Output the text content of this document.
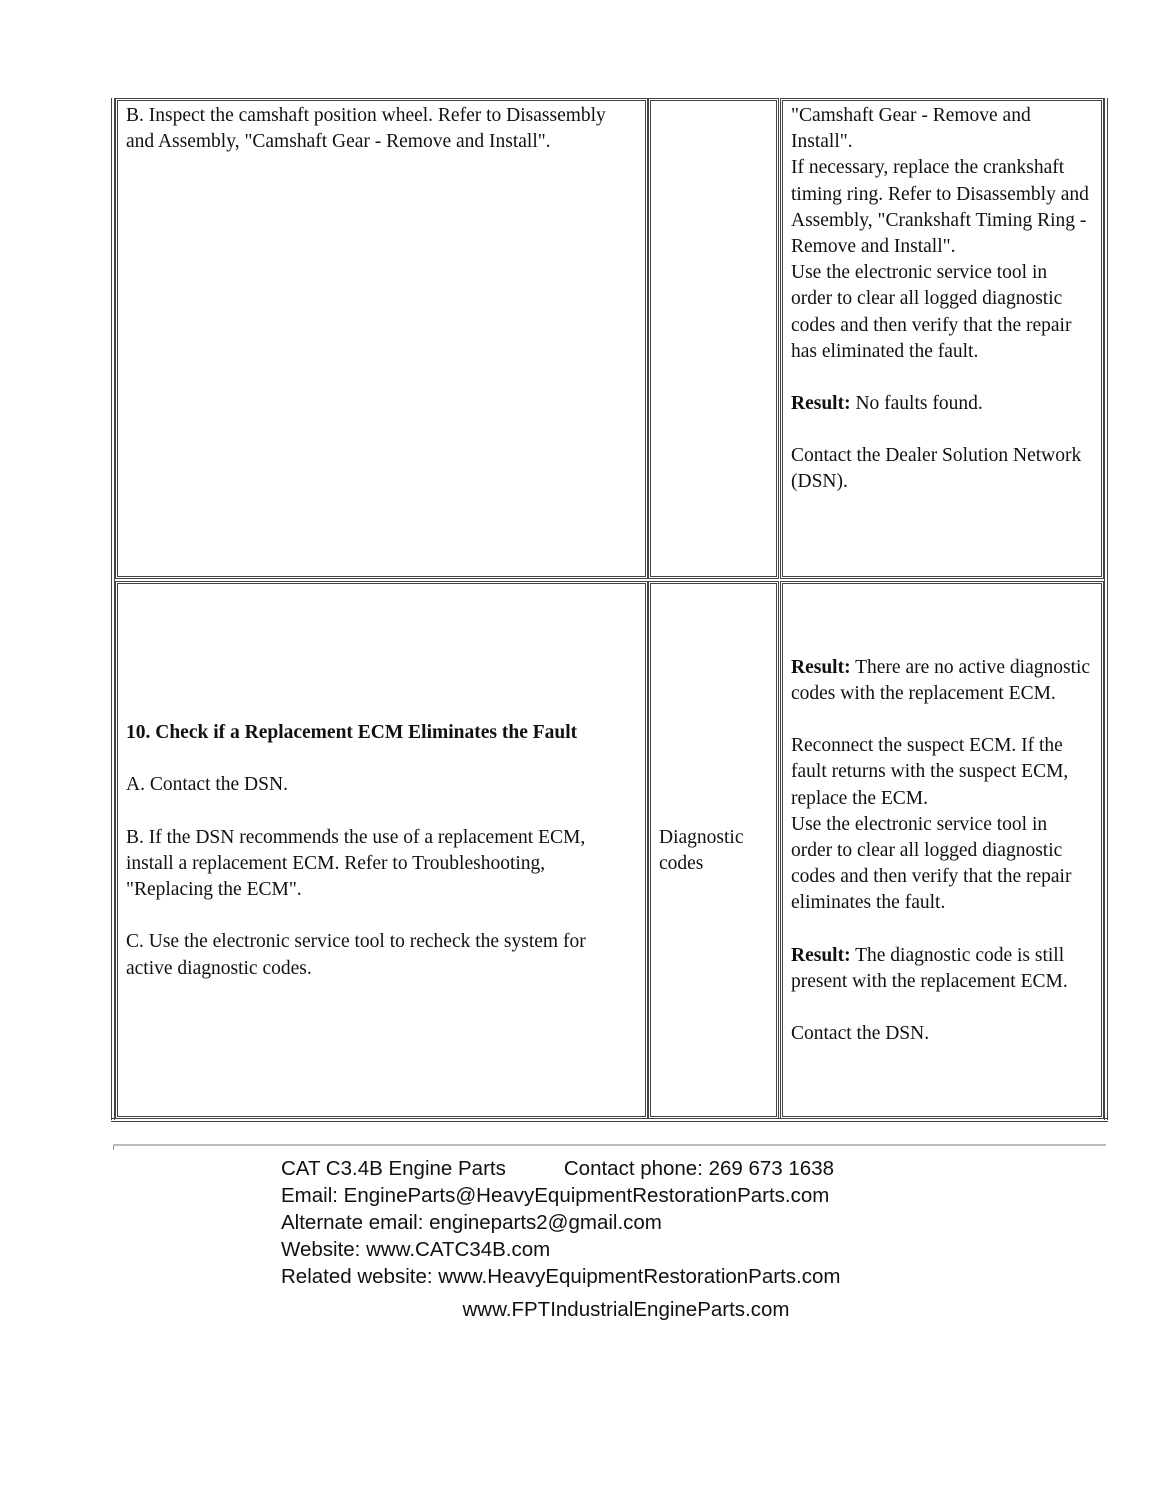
B. Inspect the camshaft position wheel. Refer to Disassembly and Assembly, "Camshaft Gear - Remove and Install".

"Camshaft Gear - Remove and Install".

If necessary, replace the crankshaft timing ring. Refer to Disassembly and Assembly, "Crankshaft Timing Ring - Remove and Install".

Use the electronic service tool in order to clear all logged diagnostic codes and then verify that the repair has eliminated the fault.

Result: No faults found.

Contact the Dealer Solution Network (DSN).

10. Check if a Replacement ECM Eliminates the Fault

A. Contact the DSN.

B. If the DSN recommends the use of a replacement ECM, install a replacement ECM. Refer to Troubleshooting, "Replacing the ECM".

C. Use the electronic service tool to recheck the system for active diagnostic codes.

Diagnostic codes

Result: There are no active diagnostic codes with the replacement ECM.

Reconnect the suspect ECM. If the fault returns with the suspect ECM, replace the ECM.

Use the electronic service tool in order to clear all logged diagnostic codes and then verify that the repair eliminates the fault.

Result: The diagnostic code is still present with the replacement ECM.

Contact the DSN.

CAT C3.4B Engine Parts	Contact phone: 269 673 1638
Email: EngineParts@HeavyEquipmentRestorationParts.com
Alternate email: engineparts2@gmail.com
Website: www.CATC34B.com
Related website: www.HeavyEquipmentRestorationParts.com
www.FPTIndustrialEngineParts.com
